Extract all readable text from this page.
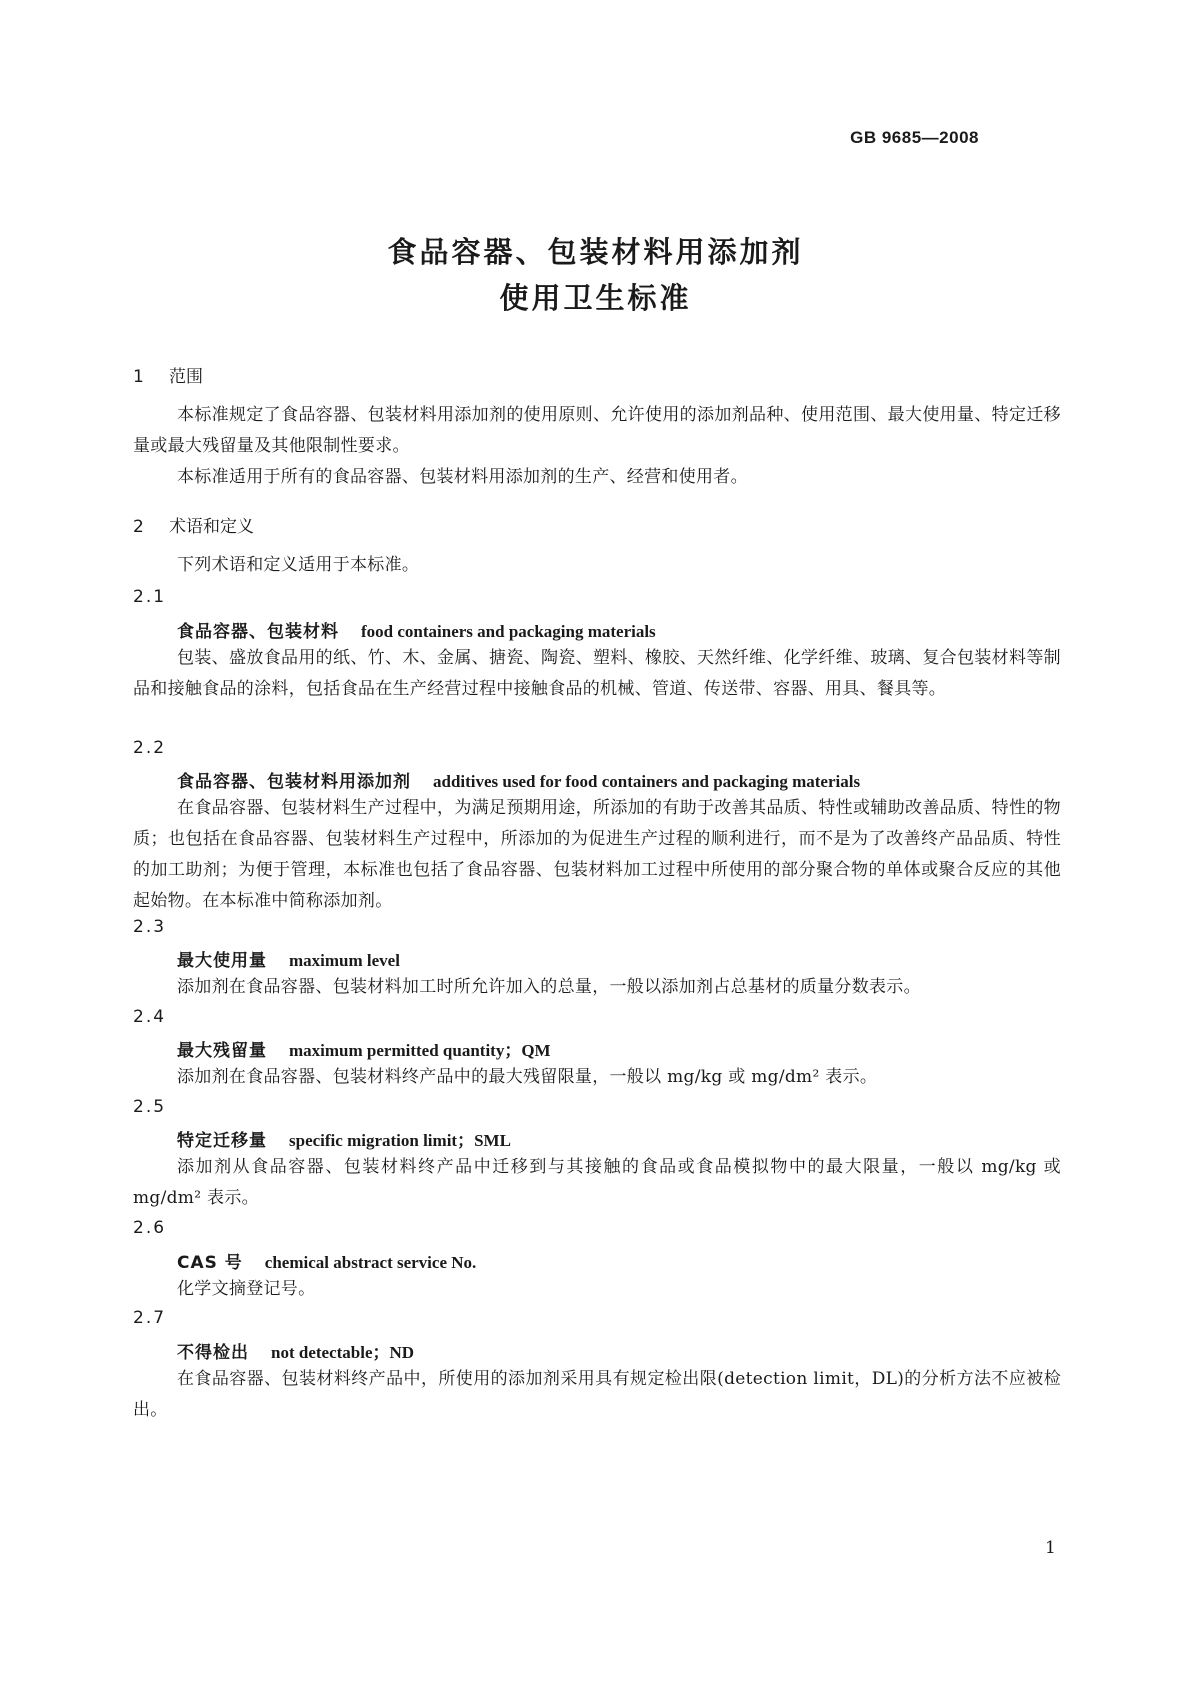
GB 9685—2008
食品容器、包装材料用添加剂
使用卫生标准
1 范围

本标准规定了食品容器、包装材料用添加剂的使用原则、允许使用的添加剂品种、使用范围、最大使用量、特定迁移量或最大残留量及其他限制性要求。

本标准适用于所有的食品容器、包装材料用添加剂的生产、经营和使用者。

2 术语和定义

下列术语和定义适用于本标准。

2.1
食品容器、包装材料 food containers and packaging materials

包装、盛放食品用的纸、竹、木、金属、搪瓷、陶瓷、塑料、橡胶、天然纤维、化学纤维、玻璃、复合包装材料等制品和接触食品的涂料，包括食品在生产经营过程中接触食品的机械、管道、传送带、容器、用具、餐具等。

2.2
食品容器、包装材料用添加剂 additives used for food containers and packaging materials

在食品容器、包装材料生产过程中，为满足预期用途，所添加的有助于改善其品质、特性或辅助改善品质、特性的物质；也包括在食品容器、包装材料生产过程中，所添加的为促进生产过程的顺利进行，而不是为了改善终产品品质、特性的加工助剂；为便于管理，本标准也包括了食品容器、包装材料加工过程中所使用的部分聚合物的单体或聚合反应的其他起始物。在本标准中简称添加剂。

2.3
最大使用量 maximum level

添加剂在食品容器、包装材料加工时所允许加入的总量，一般以添加剂占总基材的质量分数表示。

2.4
最大残留量 maximum permitted quantity；QM

添加剂在食品容器、包装材料终产品中的最大残留限量，一般以 mg/kg 或 mg/dm² 表示。

2.5
特定迁移量 specific migration limit；SML

添加剂从食品容器、包装材料终产品中迁移到与其接触的食品或食品模拟物中的最大限量，一般以 mg/kg 或 mg/dm² 表示。

2.6
CAS 号 chemical abstract service No.

化学文摘登记号。

2.7
不得检出 not detectable；ND

在食品容器、包装材料终产品中，所使用的添加剂采用具有规定检出限(detection limit，DL)的分析方法不应被检出。

1
